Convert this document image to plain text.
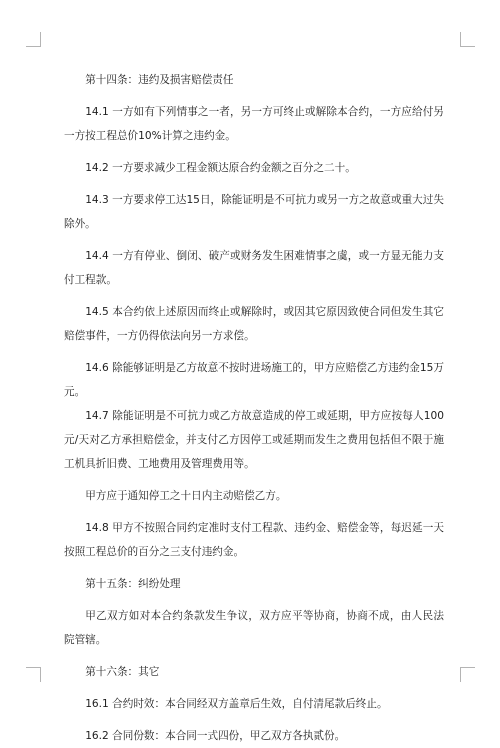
第十四条：违约及损害赔偿责任

14.1 一方如有下列情事之一者，另一方可终止或解除本合约，一方应给付另一方按工程总价10%计算之违约金。

14.2 一方要求减少工程金额达原合约金额之百分之二十。

14.3 一方要求停工达15日，除能证明是不可抗力或另一方之故意或重大过失除外。

14.4 一方有停业、倒闭、破产或财务发生困难情事之虞，或一方显无能力支付工程款。

14.5 本合约依上述原因而终止或解除时，或因其它原因致使合同但发生其它赔偿事件，一方仍得依法向另一方求偿。

14.6 除能够证明是乙方故意不按时进场施工的，甲方应赔偿乙方违约金15万元。

14.7 除能证明是不可抗力或乙方故意造成的停工或延期，甲方应按每人100元/天对乙方承担赔偿金，并支付乙方因停工或延期而发生之费用包括但不限于施工机具折旧费、工地费用及管理费用等。

甲方应于通知停工之十日内主动赔偿乙方。

14.8 甲方不按照合同约定准时支付工程款、违约金、赔偿金等，每迟延一天按照工程总价的百分之三支付违约金。

第十五条：纠纷处理

甲乙双方如对本合约条款发生争议，双方应平等协商，协商不成，由人民法院管辖。

第十六条：其它

16.1 合约时效：本合同经双方盖章后生效，自付清尾款后终止。

16.2 合同份数：本合同一式四份，甲乙双方各执贰份。
